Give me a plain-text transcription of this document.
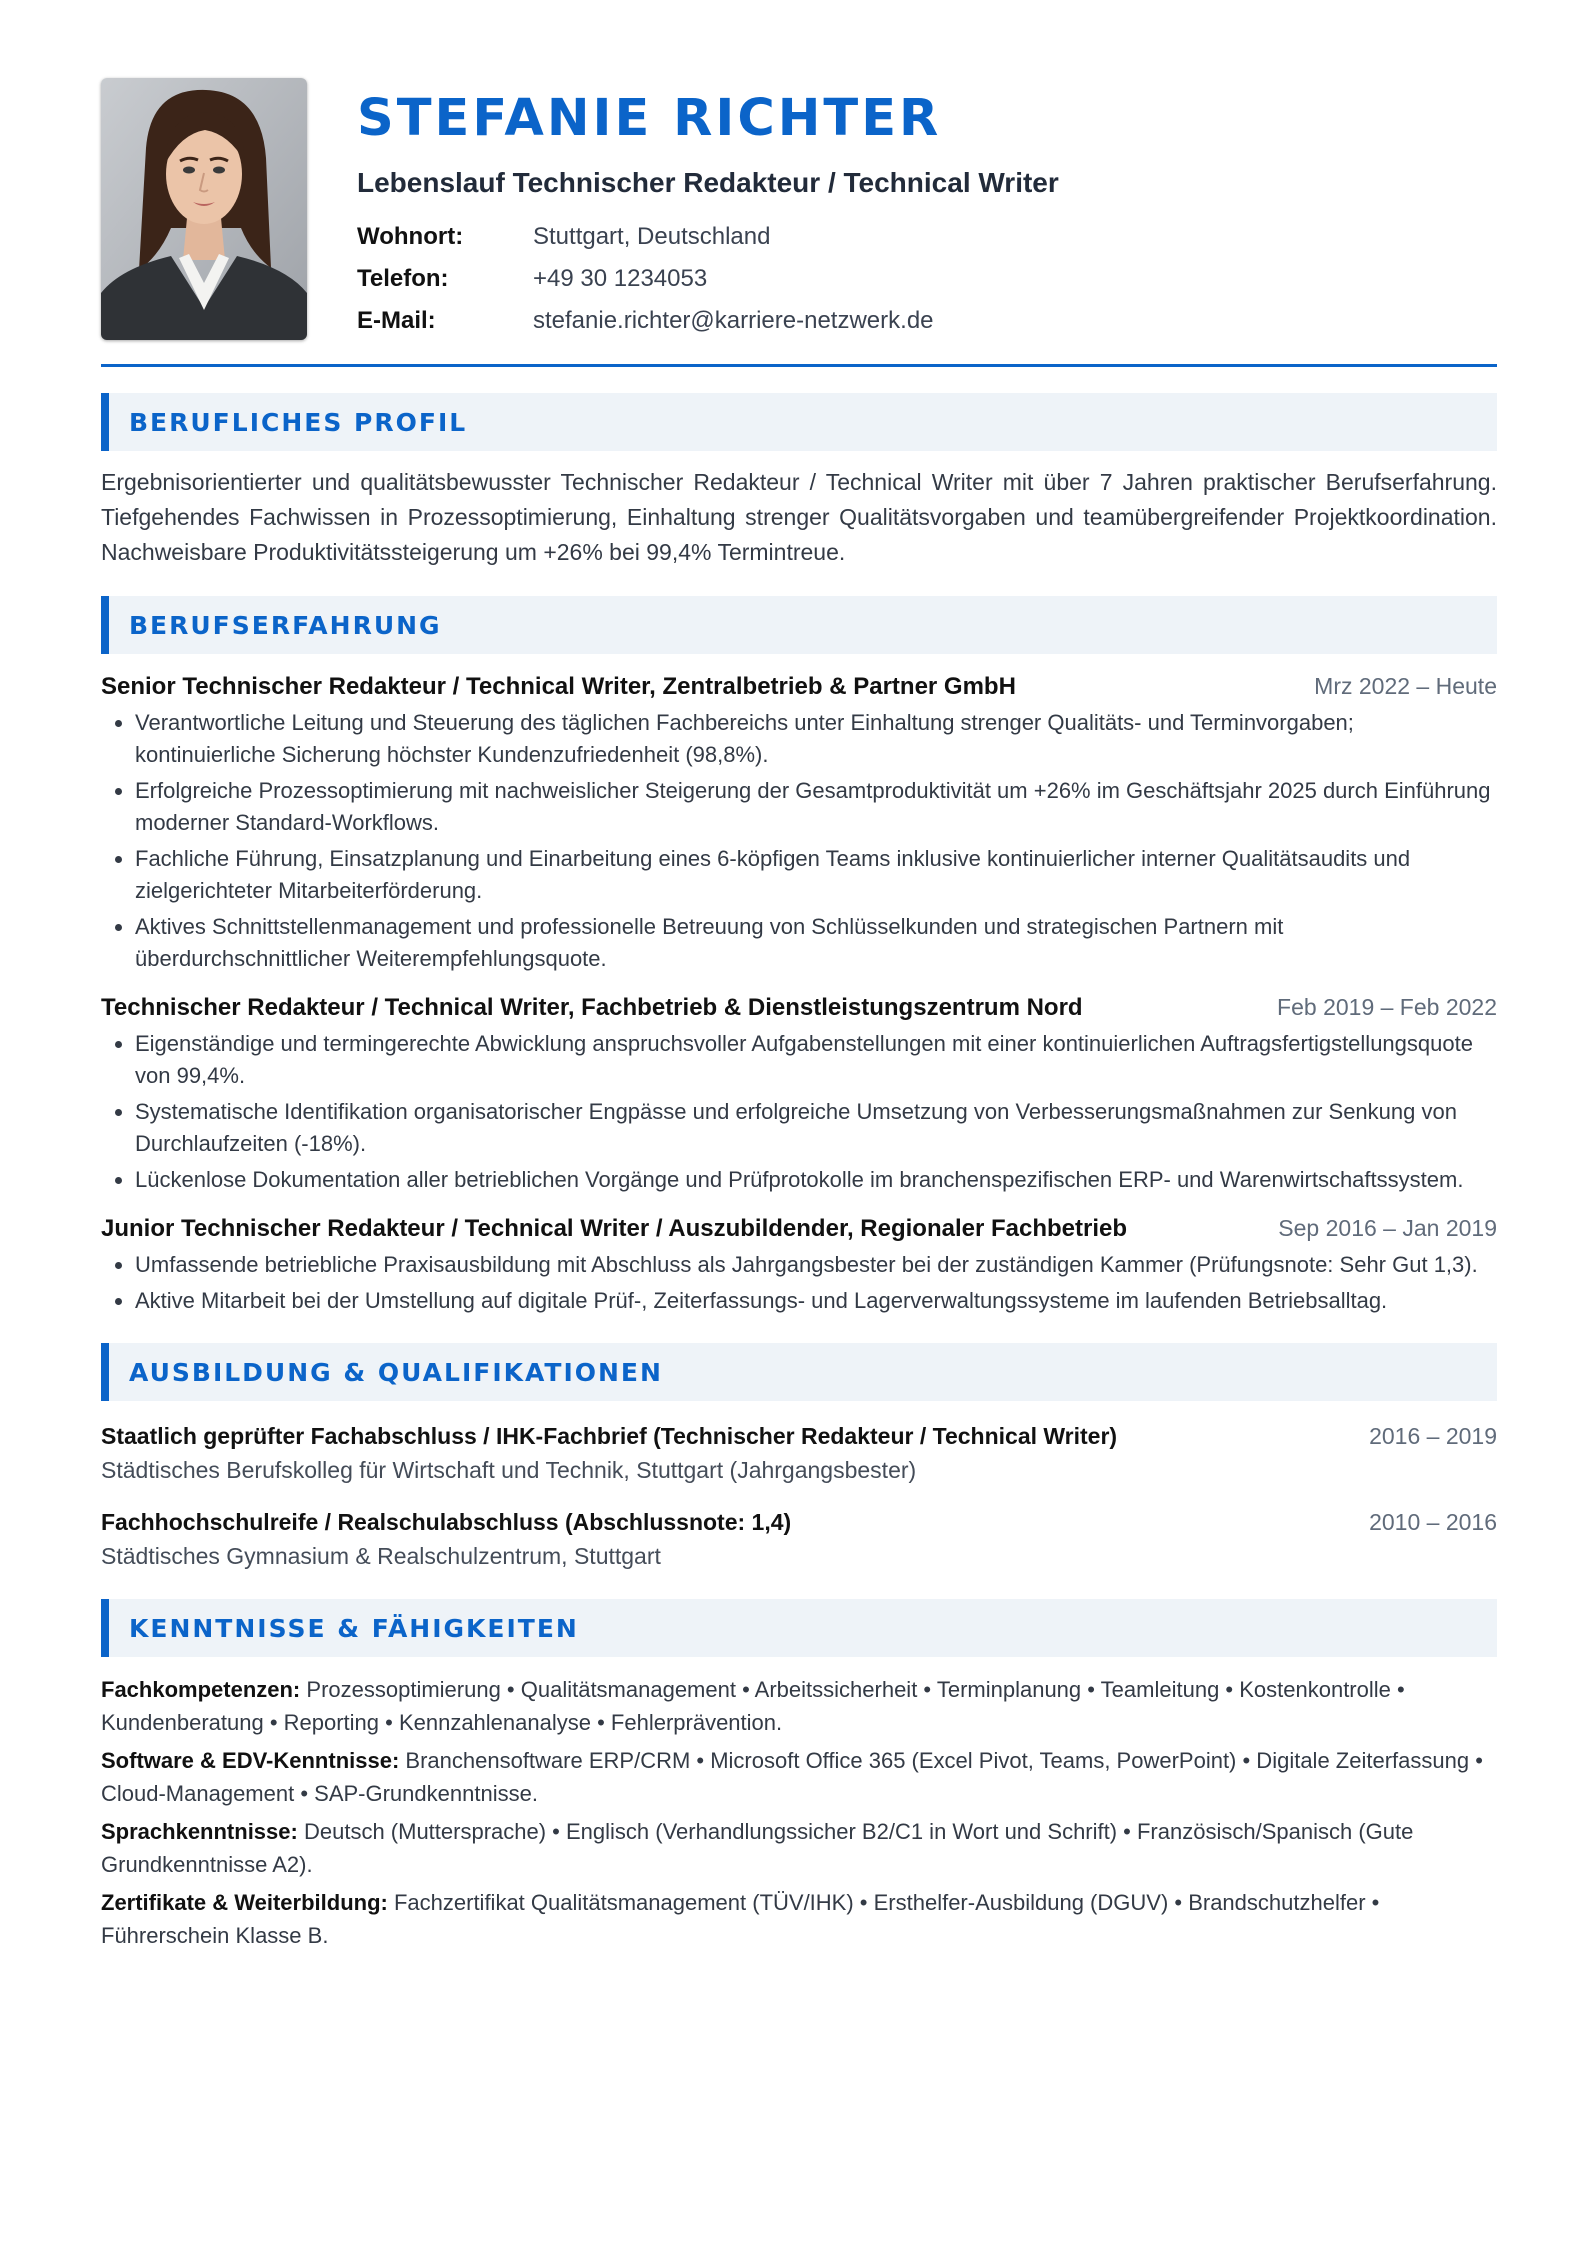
STEFANIE RICHTER
Lebenslauf Technischer Redakteur / Technical Writer
Wohnort:	Stuttgart, Deutschland
Telefon:	+49 30 1234053
E-Mail:	stefanie.richter@karriere-netzwerk.de
BERUFLICHES PROFIL
Ergebnisorientierter und qualitätsbewusster Technischer Redakteur / Technical Writer mit über 7 Jahren praktischer Berufserfahrung. Tiefgehendes Fachwissen in Prozessoptimierung, Einhaltung strenger Qualitätsvorgaben und teamübergreifender Projektkoordination. Nachweisbare Produktivitätssteigerung um +26% bei 99,4% Termintreue.
BERUFSERFAHRUNG
Senior Technischer Redakteur / Technical Writer, Zentralbetrieb & Partner GmbH	Mrz 2022 – Heute
• Verantwortliche Leitung und Steuerung des täglichen Fachbereichs unter Einhaltung strenger Qualitäts- und Terminvorgaben; kontinuierliche Sicherung höchster Kundenzufriedenheit (98,8%).
• Erfolgreiche Prozessoptimierung mit nachweislicher Steigerung der Gesamtproduktivität um +26% im Geschäftsjahr 2025 durch Einführung moderner Standard-Workflows.
• Fachliche Führung, Einsatzplanung und Einarbeitung eines 6-köpfigen Teams inklusive kontinuierlicher interner Qualitätsaudits und zielgerichteter Mitarbeiterförderung.
• Aktives Schnittstellenmanagement und professionelle Betreuung von Schlüsselkunden und strategischen Partnern mit überdurchschnittlicher Weiterempfehlungsquote.
Technischer Redakteur / Technical Writer, Fachbetrieb & Dienstleistungszentrum Nord	Feb 2019 – Feb 2022
• Eigenständige und termingerechte Abwicklung anspruchsvoller Aufgabenstellungen mit einer kontinuierlichen Auftragsfertigstellungsquote von 99,4%.
• Systematische Identifikation organisatorischer Engpässe und erfolgreiche Umsetzung von Verbesserungsmaßnahmen zur Senkung von Durchlaufzeiten (-18%).
• Lückenlose Dokumentation aller betrieblichen Vorgänge und Prüfprotokolle im branchenspezifischen ERP- und Warenwirtschaftssystem.
Junior Technischer Redakteur / Technical Writer / Auszubildender, Regionaler Fachbetrieb	Sep 2016 – Jan 2019
• Umfassende betriebliche Praxisausbildung mit Abschluss als Jahrgangsbester bei der zuständigen Kammer (Prüfungsnote: Sehr Gut 1,3).
• Aktive Mitarbeit bei der Umstellung auf digitale Prüf-, Zeiterfassungs- und Lagerverwaltungssysteme im laufenden Betriebsalltag.
AUSBILDUNG & QUALIFIKATIONEN
Staatlich geprüfter Fachabschluss / IHK-Fachbrief (Technischer Redakteur / Technical Writer)	2016 – 2019
Städtisches Berufskolleg für Wirtschaft und Technik, Stuttgart (Jahrgangsbester)
Fachhochschulreife / Realschulabschluss (Abschlussnote: 1,4)	2010 – 2016
Städtisches Gymnasium & Realschulzentrum, Stuttgart
KENNTNISSE & FÄHIGKEITEN
Fachkompetenzen: Prozessoptimierung • Qualitätsmanagement • Arbeitssicherheit • Terminplanung • Teamleitung • Kostenkontrolle • Kundenberatung • Reporting • Kennzahlenanalyse • Fehlerprävention.
Software & EDV-Kenntnisse: Branchensoftware ERP/CRM • Microsoft Office 365 (Excel Pivot, Teams, PowerPoint) • Digitale Zeiterfassung • Cloud-Management • SAP-Grundkenntnisse.
Sprachkenntnisse: Deutsch (Muttersprache) • Englisch (Verhandlungssicher B2/C1 in Wort und Schrift) • Französisch/Spanisch (Gute Grundkenntnisse A2).
Zertifikate & Weiterbildung: Fachzertifikat Qualitätsmanagement (TÜV/IHK) • Ersthelfer-Ausbildung (DGUV) • Brandschutzhelfer • Führerschein Klasse B.
